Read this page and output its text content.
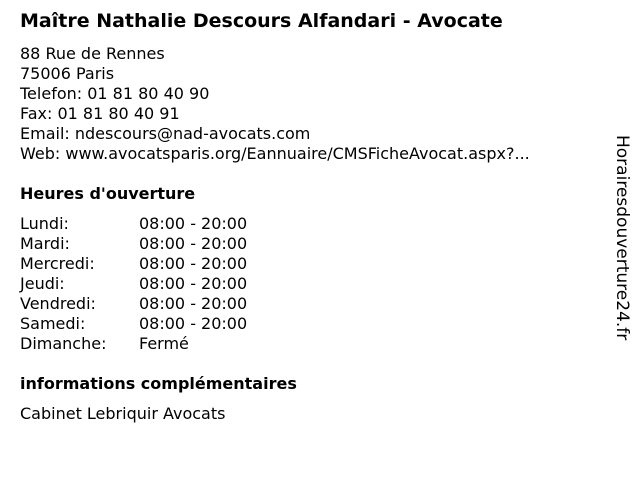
Maître Nathalie Descours Alfandari - Avocate
88 Rue de Rennes
75006 Paris
Telefon: 01 81 80 40 90
Fax: 01 81 80 40 91
Email: ndescours@nad-avocats.com
Web: www.avocatsparis.org/Eannuaire/CMSFicheAvocat.aspx?...
Heures d'ouverture
Lundi:	08:00 - 20:00
Mardi:	08:00 - 20:00
Mercredi:	08:00 - 20:00
Jeudi:	08:00 - 20:00
Vendredi:	08:00 - 20:00
Samedi:	08:00 - 20:00
Dimanche:	Fermé
informations complémentaires
Cabinet Lebriquir Avocats
Horairesdouverture24.fr
